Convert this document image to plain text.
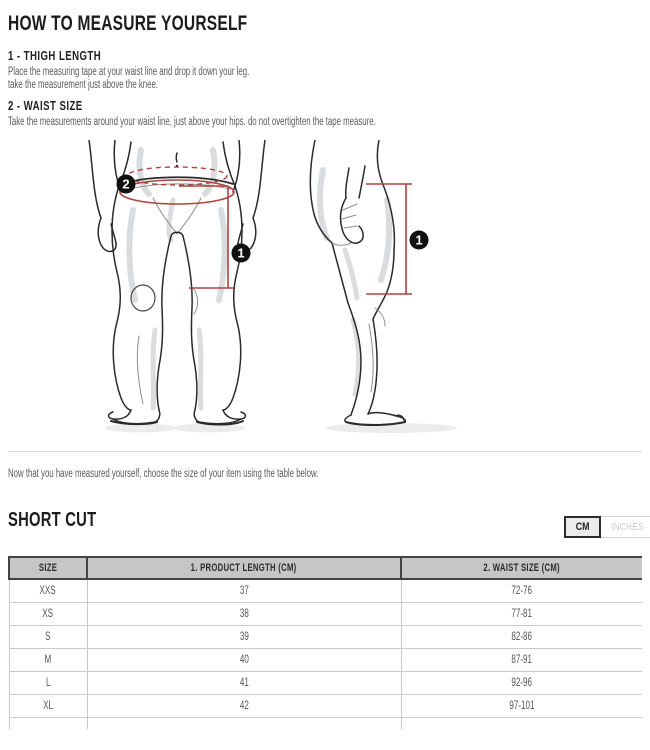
HOW TO MEASURE YOURSELF
1 - THIGH LENGTH
Place the measuring tape at your waist line and drop it down your leg.
take the measurement just above the knee.
2 - WAIST SIZE
Take the measurements around your waist line, just above your hips. do not overtighten the tape measure.
2
1
1
Now that you have measured yourself, choose the size of your item using the table below.
SHORT CUT	CM INCHES
SIZE	1. PRODUCT LENGTH (CM)	2. WAIST SIZE (CM)
XXS	37	72-76
XS	38	77-81
S	39	82-86
M	40	87-91
L	41	92-96
XL	42	97-101
